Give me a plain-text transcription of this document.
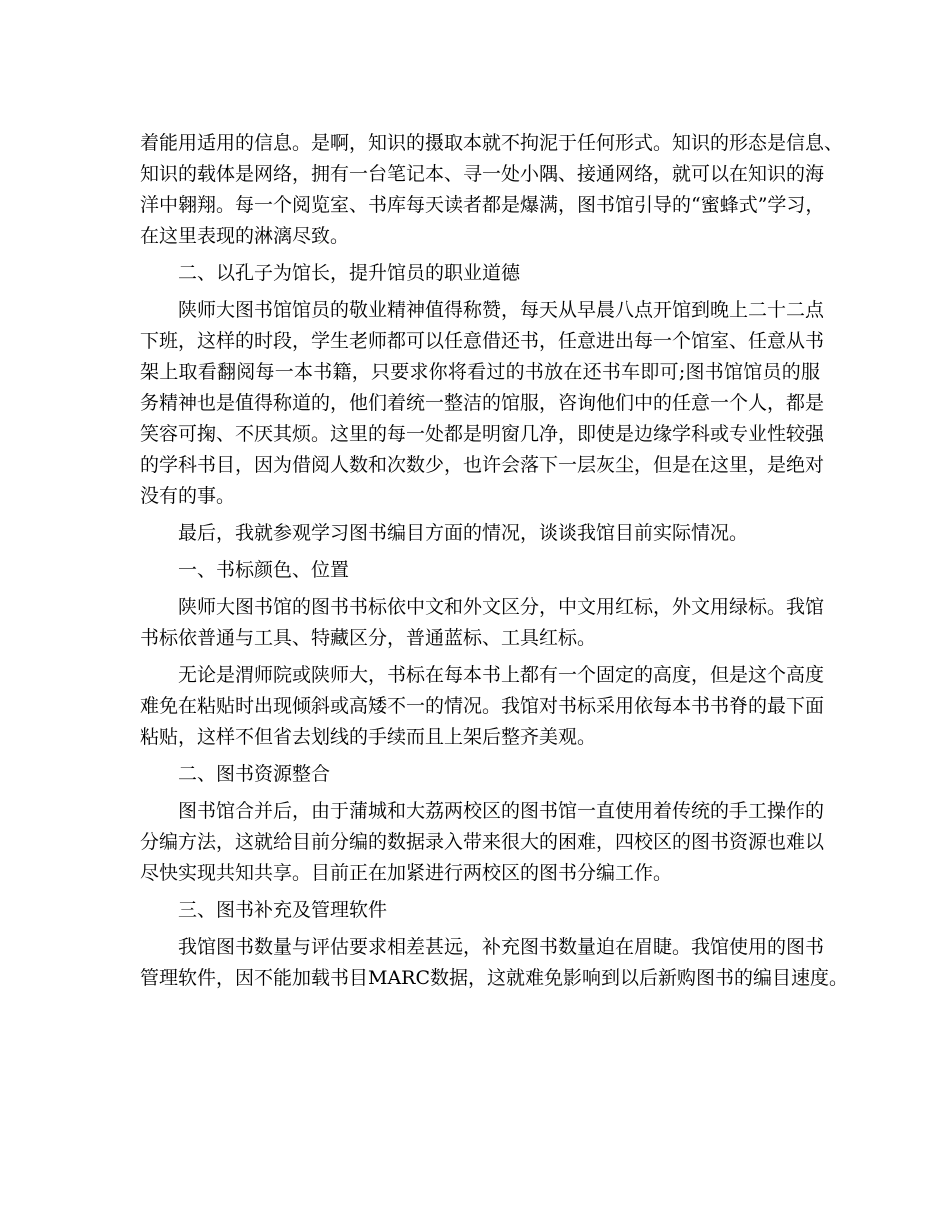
着能用适用的信息。是啊，知识的摄取本就不拘泥于任何形式。知识的形态是信息、
知识的载体是网络，拥有一台笔记本、寻一处小隅、接通网络，就可以在知识的海
洋中翱翔。每一个阅览室、书库每天读者都是爆满，图书馆引导的“蜜蜂式”学习，
在这里表现的淋漓尽致。
二、以孔子为馆长，提升馆员的职业道德
陕师大图书馆馆员的敬业精神值得称赞，每天从早晨八点开馆到晚上二十二点
下班，这样的时段，学生老师都可以任意借还书，任意进出每一个馆室、任意从书
架上取看翻阅每一本书籍，只要求你将看过的书放在还书车即可;图书馆馆员的服
务精神也是值得称道的，他们着统一整洁的馆服，咨询他们中的任意一个人，都是
笑容可掬、不厌其烦。这里的每一处都是明窗几净，即使是边缘学科或专业性较强
的学科书目，因为借阅人数和次数少，也许会落下一层灰尘，但是在这里，是绝对
没有的事。
最后，我就参观学习图书编目方面的情况，谈谈我馆目前实际情况。
一、书标颜色、位置
陕师大图书馆的图书书标依中文和外文区分，中文用红标，外文用绿标。我馆
书标依普通与工具、特藏区分，普通蓝标、工具红标。
无论是渭师院或陕师大，书标在每本书上都有一个固定的高度，但是这个高度
难免在粘贴时出现倾斜或高矮不一的情况。我馆对书标采用依每本书书脊的最下面
粘贴，这样不但省去划线的手续而且上架后整齐美观。
二、图书资源整合
图书馆合并后，由于蒲城和大荔两校区的图书馆一直使用着传统的手工操作的
分编方法，这就给目前分编的数据录入带来很大的困难，四校区的图书资源也难以
尽快实现共知共享。目前正在加紧进行两校区的图书分编工作。
三、图书补充及管理软件
我馆图书数量与评估要求相差甚远，补充图书数量迫在眉睫。我馆使用的图书
管理软件，因不能加载书目MARC数据，这就难免影响到以后新购图书的编目速度。
